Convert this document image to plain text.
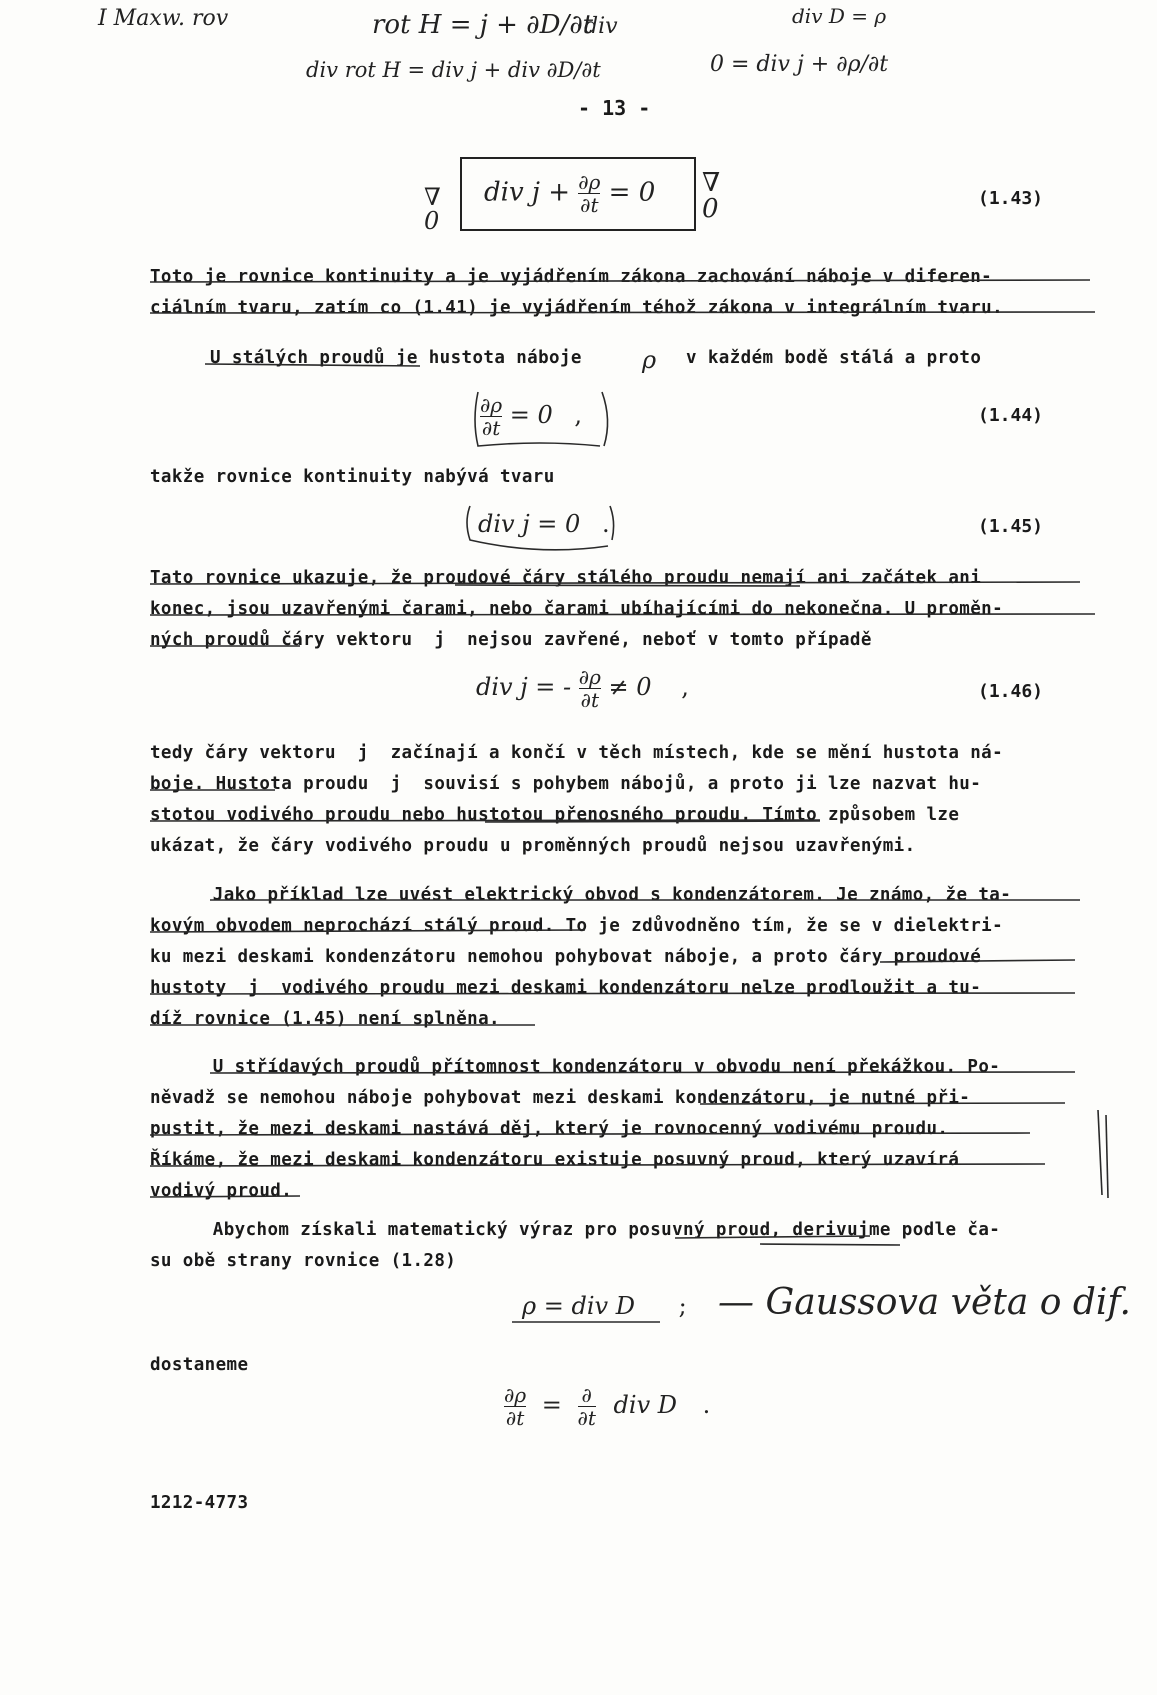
I Maxw. rov	rot H = j + ∂D/∂t
div	div D = ρ
div rot H = div j + div ∂D/∂t	0 = div j + ∂ρ/∂t
- 13 -
∇ 0
div $j + \frac{\partial\rho}{\partial t} = 0$ ∇ 0	(1.43)
Toto je rovnice kontinuity a je vyjádřením zákona zachování náboje v diferen-
ciálním tvaru, zatím co (1.41) je vyjádřením téhož zákona v integrálním tvaru.
U stálých proudů je hustota náboje	ρ v každém bodě stálá a proto
$\frac{\partial\rho}{\partial t} = 0$ ,	(1.44)
takže rovnice kontinuity nabývá tvaru
div j = 0 .	(1.45)
Tato rovnice ukazuje, že proudové čáry stálého proudu nemají ani začátek ani
konec, jsou uzavřenými čarami, nebo čarami ubíhajícími do nekonečna. U proměn-
ných proudů čáry vektoru  j  nejsou zavřené, neboť v tomto případě
div j = - $\frac{\partial\rho}{\partial t} \ne 0$ ,	(1.46)
tedy čáry vektoru  j  začínají a končí v těch místech, kde se mění hustota ná-
boje. Hustota proudu  j  souvisí s pohybem nábojů, a proto ji lze nazvat hu-
stotou vodivého proudu nebo hustotou přenosného proudu. Tímto způsobem lze
ukázat, že čáry vodivého proudu u proměnných proudů nejsou uzavřenými.
Jako příklad lze uvést elektrický obvod s kondenzátorem. Je známo, že ta-
kovým obvodem neprochází stálý proud. To je zdůvodněno tím, že se v dielektri-
ku mezi deskami kondenzátoru nemohou pohybovat náboje, a proto čáry proudové
hustoty  j  vodivého proudu mezi deskami kondenzátoru nelze prodloužit a tu-
díž rovnice (1.45) není splněna.
U střídavých proudů přítomnost kondenzátoru v obvodu není překážkou. Po-
něvadž se nemohou náboje pohybovat mezi deskami kondenzátoru, je nutné při-
pustit, že mezi deskami nastává děj, který je rovnocenný vodivému proudu.
Říkáme, že mezi deskami kondenzátoru existuje posuvný proud, který uzavírá
vodivý proud.
Abychom získali matematický výraz pro posuvný proud, derivujme podle ča-
su obě strany rovnice (1.28)
ρ = div D ; — Gaussova věta o dif.
dostaneme
$\frac{\partial\rho}{\partial t} = \frac{\partial}{\partial t}$ div D .
1212-4773
